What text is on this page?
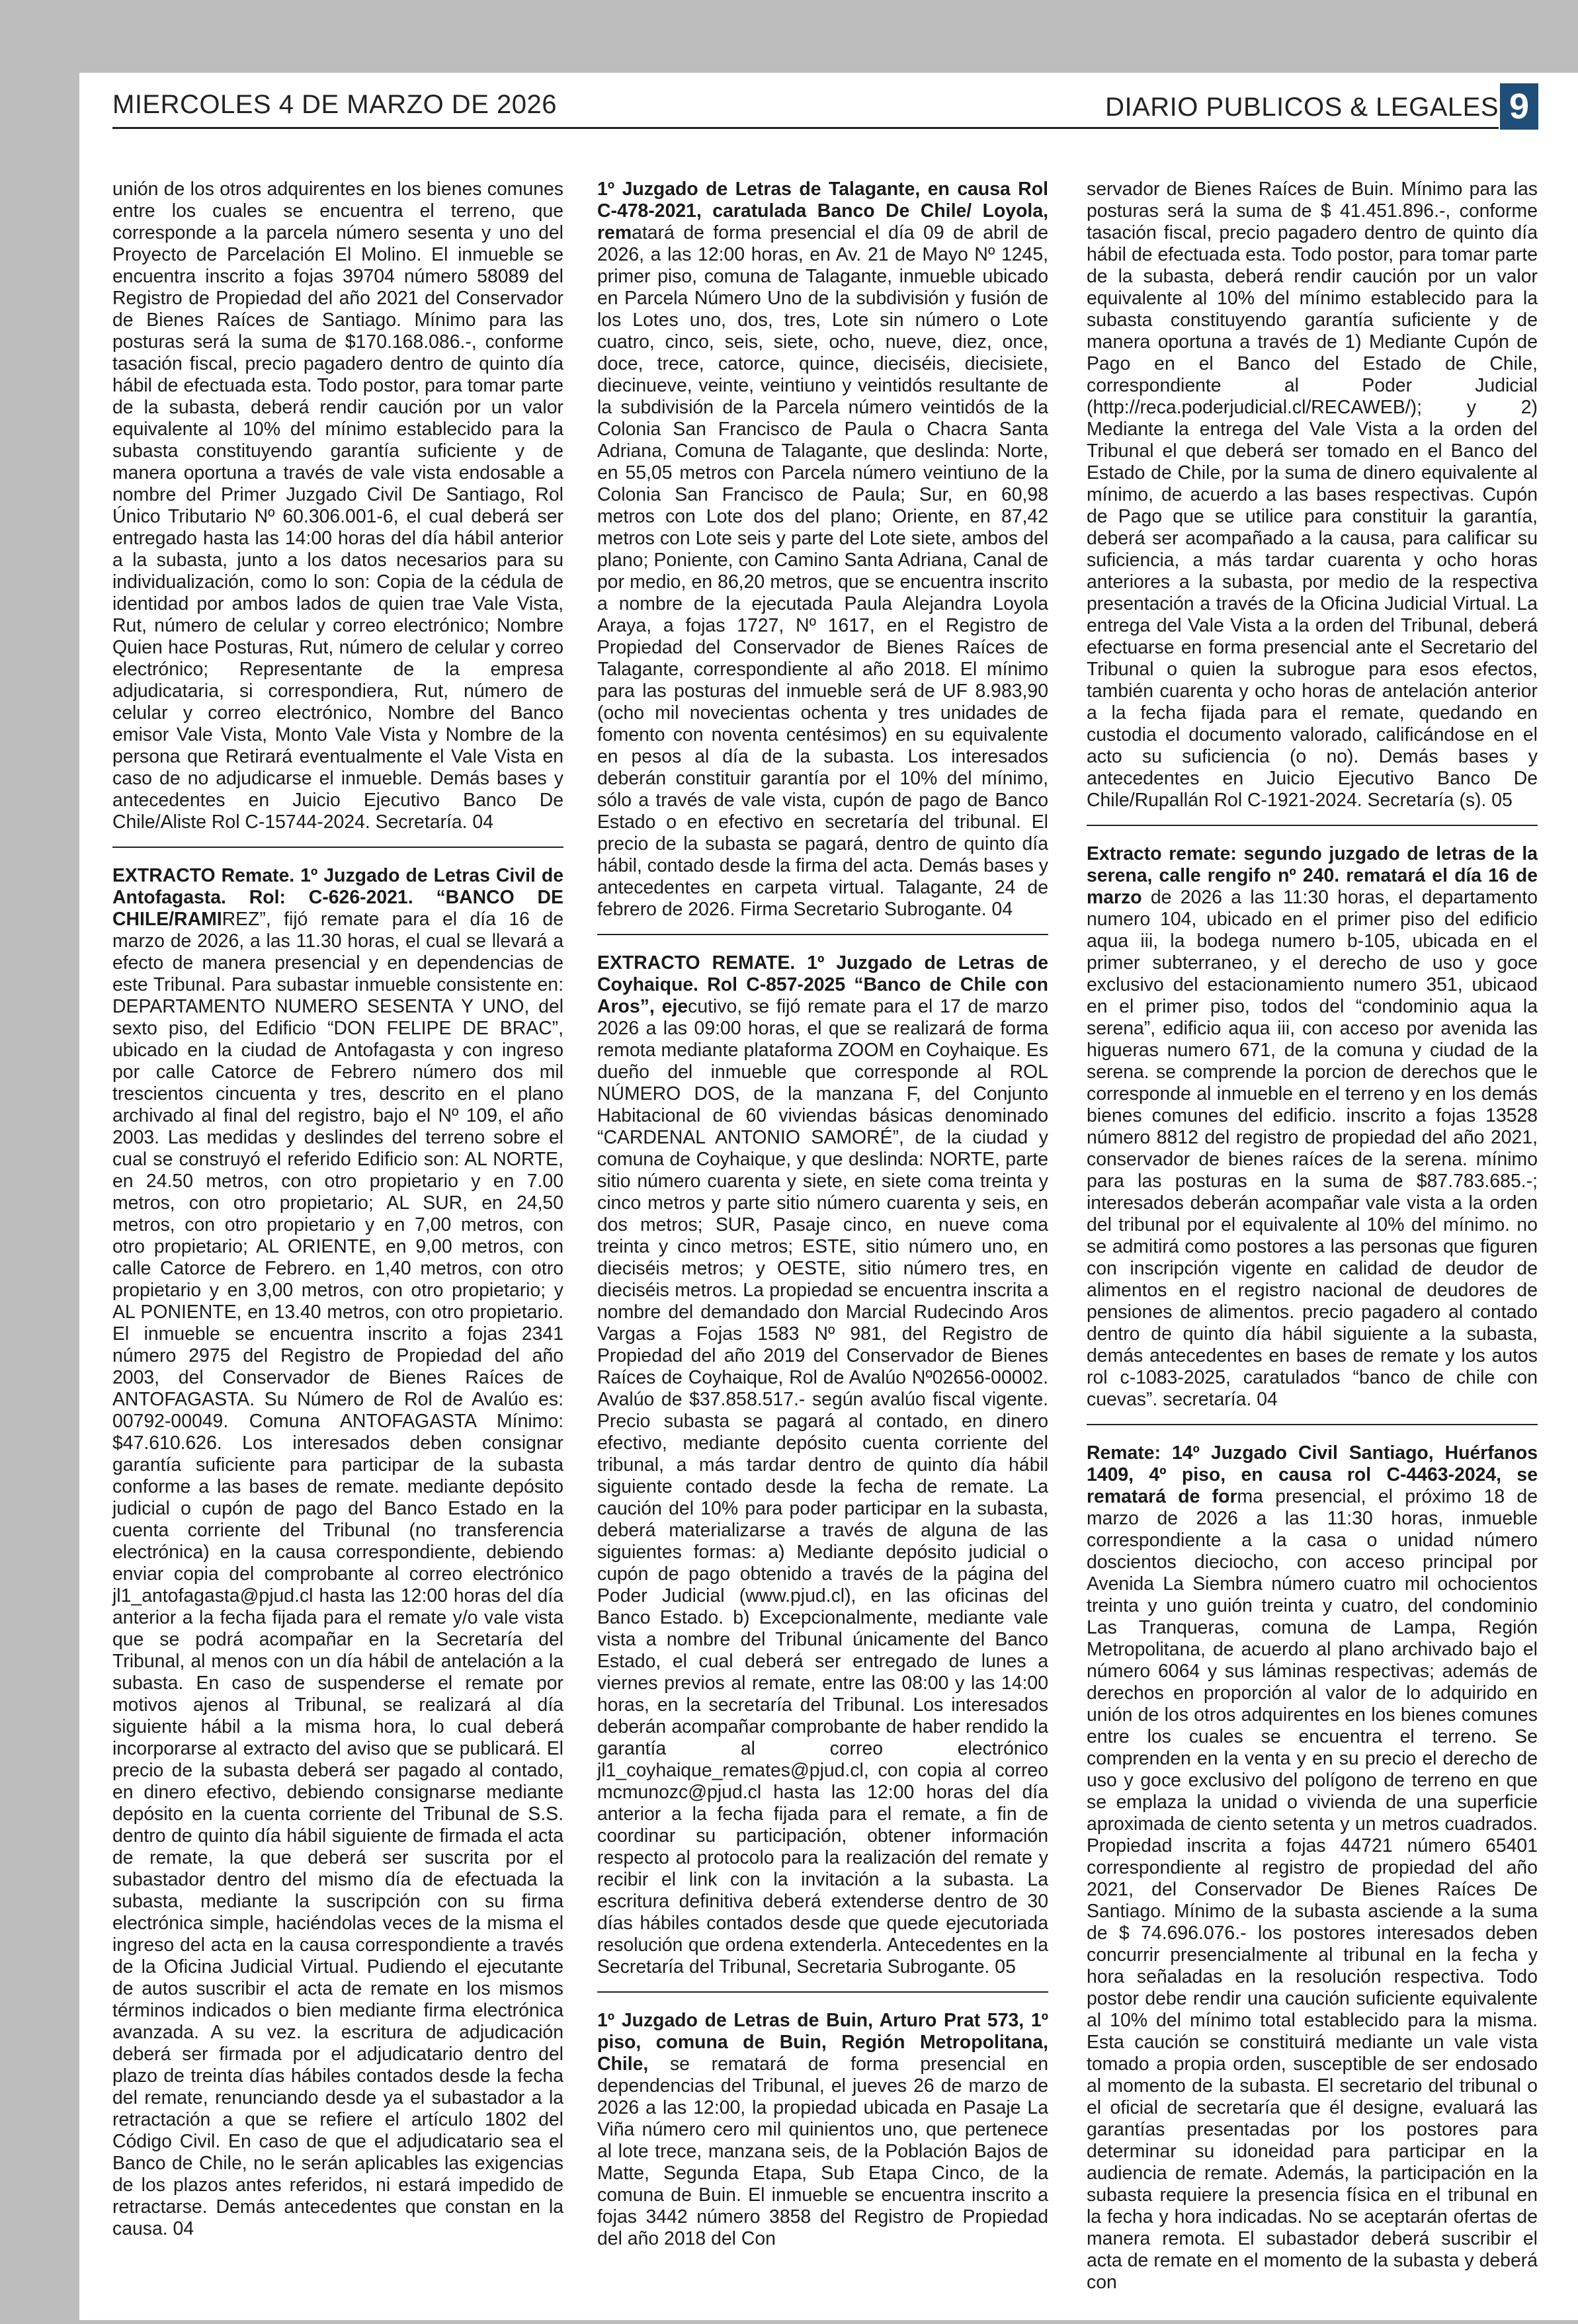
MIERCOLES 4 DE MARZO DE 2026	DIARIO PUBLICOS & LEGALES 9

unión de los otros adquirentes en los bienes comunes entre los cuales se encuentra el terreno, que corresponde a la parcela número sesenta y uno del Proyecto de Parcelación El Molino. El inmueble se encuentra inscrito a fojas 39704 número 58089 del Registro de Propiedad del año 2021 del Conservador de Bienes Raíces de Santiago. Mínimo para las posturas será la suma de $170.168.086.-, conforme tasación fiscal, precio pagadero dentro de quinto día hábil de efectuada esta. Todo postor, para tomar parte de la subasta, deberá rendir caución por un valor equivalente al 10% del mínimo establecido para la subasta constituyendo garantía suficiente y de manera oportuna a través de vale vista endosable a nombre del Primer Juzgado Civil De Santiago, Rol Único Tributario Nº 60.306.001-6, el cual deberá ser entregado hasta las 14:00 horas del día hábil anterior a la subasta, junto a los datos necesarios para su individualización, como lo son: Copia de la cédula de identidad por ambos lados de quien trae Vale Vista, Rut, número de celular y correo electrónico; Nombre Quien hace Posturas, Rut, número de celular y correo electrónico; Representante de la empresa adjudicataria, si correspondiera, Rut, número de celular y correo electrónico, Nombre del Banco emisor Vale Vista, Monto Vale Vista y Nombre de la persona que Retirará eventualmente el Vale Vista en caso de no adjudicarse el inmueble. Demás bases y antecedentes en Juicio Ejecutivo Banco De Chile/Aliste Rol C-15744-2024. Secretaría. 04

EXTRACTO Remate. 1º Juzgado de Letras Civil de Antofagasta. Rol: C-626-2021. “BANCO DE CHILE/RAMIREZ”, fijó remate para el día 16 de marzo de 2026, a las 11.30 horas, el cual se llevará a efecto de manera presencial y en dependencias de este Tribunal. Para subastar inmueble consistente en: DEPARTAMENTO NUMERO SESENTA Y UNO, del sexto piso, del Edificio “DON FELIPE DE BRAC”, ubicado en la ciudad de Antofagasta y con ingreso por calle Catorce de Febrero número dos mil trescientos cincuenta y tres, descrito en el plano archivado al final del registro, bajo el Nº 109, el año 2003. Las medidas y deslindes del terreno sobre el cual se construyó el referido Edificio son: AL NORTE, en 24.50 metros, con otro propietario y en 7.00 metros, con otro propietario; AL SUR, en 24,50 metros, con otro propietario y en 7,00 metros, con otro propietario; AL ORIENTE, en 9,00 metros, con calle Catorce de Febrero. en 1,40 metros, con otro propietario y en 3,00 metros, con otro propietario; y AL PONIENTE, en 13.40 metros, con otro propietario. El inmueble se encuentra inscrito a fojas 2341 número 2975 del Registro de Propiedad del año 2003, del Conservador de Bienes Raíces de ANTOFAGASTA. Su Número de Rol de Avalúo es: 00792-00049. Comuna ANTOFAGASTA Mínimo: $47.610.626. Los interesados deben consignar garantía suficiente para participar de la subasta conforme a las bases de remate. mediante depósito judicial o cupón de pago del Banco Estado en la cuenta corriente del Tribunal (no transferencia electrónica) en la causa correspondiente, debiendo enviar copia del comprobante al correo electrónico jl1_antofagasta@pjud.cl hasta las 12:00 horas del día anterior a la fecha fijada para el remate y/o vale vista que se podrá acompañar en la Secretaría del Tribunal, al menos con un día hábil de antelación a la subasta. En caso de suspenderse el remate por motivos ajenos al Tribunal, se realizará al día siguiente hábil a la misma hora, lo cual deberá incorporarse al extracto del aviso que se publicará. El precio de la subasta deberá ser pagado al contado, en dinero efectivo, debiendo consignarse mediante depósito en la cuenta corriente del Tribunal de S.S. dentro de quinto día hábil siguiente de firmada el acta de remate, la que deberá ser suscrita por el subastador dentro del mismo día de efectuada la subasta, mediante la suscripción con su firma electrónica simple, haciéndolas veces de la misma el ingreso del acta en la causa correspondiente a través de la Oficina Judicial Virtual. Pudiendo el ejecutante de autos suscribir el acta de remate en los mismos términos indicados o bien mediante firma electrónica avanzada. A su vez. la escritura de adjudicación deberá ser firmada por el adjudicatario dentro del plazo de treinta días hábiles contados desde la fecha del remate, renunciando desde ya el subastador a la retractación a que se refiere el artículo 1802 del Código Civil. En caso de que el adjudicatario sea el Banco de Chile, no le serán aplicables las exigencias de los plazos antes referidos, ni estará impedido de retractarse. Demás antecedentes que constan en la causa. 04

1º Juzgado de Letras de Talagante, en causa Rol C-478-2021, caratulada Banco De Chile/ Loyola, rematará de forma presencial el día 09 de abril de 2026, a las 12:00 horas, en Av. 21 de Mayo Nº 1245, primer piso, comuna de Talagante, inmueble ubicado en Parcela Número Uno de la subdivisión y fusión de los Lotes uno, dos, tres, Lote sin número o Lote cuatro, cinco, seis, siete, ocho, nueve, diez, once, doce, trece, catorce, quince, dieciséis, diecisiete, diecinueve, veinte, veintiuno y veintidós resultante de la subdivisión de la Parcela número veintidós de la Colonia San Francisco de Paula o Chacra Santa Adriana, Comuna de Talagante, que deslinda: Norte, en 55,05 metros con Parcela número veintiuno de la Colonia San Francisco de Paula; Sur, en 60,98 metros con Lote dos del plano; Oriente, en 87,42 metros con Lote seis y parte del Lote siete, ambos del plano; Poniente, con Camino Santa Adriana, Canal de por medio, en 86,20 metros, que se encuentra inscrito a nombre de la ejecutada Paula Alejandra Loyola Araya, a fojas 1727, Nº 1617, en el Registro de Propiedad del Conservador de Bienes Raíces de Talagante, correspondiente al año 2018. El mínimo para las posturas del inmueble será de UF 8.983,90 (ocho mil novecientas ochenta y tres unidades de fomento con noventa centésimos) en su equivalente en pesos al día de la subasta. Los interesados deberán constituir garantía por el 10% del mínimo, sólo a través de vale vista, cupón de pago de Banco Estado o en efectivo en secretaría del tribunal. El precio de la subasta se pagará, dentro de quinto día hábil, contado desde la firma del acta. Demás bases y antecedentes en carpeta virtual. Talagante, 24 de febrero de 2026. Firma Secretario Subrogante. 04

EXTRACTO REMATE. 1º Juzgado de Letras de Coyhaique. Rol C-857-2025 “Banco de Chile con Aros”, ejecutivo, se fijó remate para el 17 de marzo 2026 a las 09:00 horas, el que se realizará de forma remota mediante plataforma ZOOM en Coyhaique. Es dueño del inmueble que corresponde al ROL NÚMERO DOS, de la manzana F, del Conjunto Habitacional de 60 viviendas básicas denominado “CARDENAL ANTONIO SAMORÉ”, de la ciudad y comuna de Coyhaique, y que deslinda: NORTE, parte sitio número cuarenta y siete, en siete coma treinta y cinco metros y parte sitio número cuarenta y seis, en dos metros; SUR, Pasaje cinco, en nueve coma treinta y cinco metros; ESTE, sitio número uno, en dieciséis metros; y OESTE, sitio número tres, en dieciséis metros. La propiedad se encuentra inscrita a nombre del demandado don Marcial Rudecindo Aros Vargas a Fojas 1583 Nº 981, del Registro de Propiedad del año 2019 del Conservador de Bienes Raíces de Coyhaique, Rol de Avalúo Nº02656-00002. Avalúo de $37.858.517.- según avalúo fiscal vigente. Precio subasta se pagará al contado, en dinero efectivo, mediante depósito cuenta corriente del tribunal, a más tardar dentro de quinto día hábil siguiente contado desde la fecha de remate. La caución del 10% para poder participar en la subasta, deberá materializarse a través de alguna de las siguientes formas: a) Mediante depósito judicial o cupón de pago obtenido a través de la página del Poder Judicial (www.pjud.cl), en las oficinas del Banco Estado. b) Excepcionalmente, mediante vale vista a nombre del Tribunal únicamente del Banco Estado, el cual deberá ser entregado de lunes a viernes previos al remate, entre las 08:00 y las 14:00 horas, en la secretaría del Tribunal. Los interesados deberán acompañar comprobante de haber rendido la garantía al correo electrónico jl1_coyhaique_remates@pjud.cl, con copia al correo mcmunozc@pjud.cl hasta las 12:00 horas del día anterior a la fecha fijada para el remate, a fin de coordinar su participación, obtener información respecto al protocolo para la realización del remate y recibir el link con la invitación a la subasta. La escritura definitiva deberá extenderse dentro de 30 días hábiles contados desde que quede ejecutoriada resolución que ordena extenderla. Antecedentes en la Secretaría del Tribunal, Secretaria Subrogante. 05

1º Juzgado de Letras de Buin, Arturo Prat 573, 1º piso, comuna de Buin, Región Metropolitana, Chile, se rematará de forma presencial en dependencias del Tribunal, el jueves 26 de marzo de 2026 a las 12:00, la propiedad ubicada en Pasaje La Viña número cero mil quinientos uno, que pertenece al lote trece, manzana seis, de la Población Bajos de Matte, Segunda Etapa, Sub Etapa Cinco, de la comuna de Buin. El inmueble se encuentra inscrito a fojas 3442 número 3858 del Registro de Propiedad del año 2018 del Con

servador de Bienes Raíces de Buin. Mínimo para las posturas será la suma de $ 41.451.896.-, conforme tasación fiscal, precio pagadero dentro de quinto día hábil de efectuada esta. Todo postor, para tomar parte de la subasta, deberá rendir caución por un valor equivalente al 10% del mínimo establecido para la subasta constituyendo garantía suficiente y de manera oportuna a través de 1) Mediante Cupón de Pago en el Banco del Estado de Chile, correspondiente al Poder Judicial (http://reca.poderjudicial.cl/RECAWEB/); y 2) Mediante la entrega del Vale Vista a la orden del Tribunal el que deberá ser tomado en el Banco del Estado de Chile, por la suma de dinero equivalente al mínimo, de acuerdo a las bases respectivas. Cupón de Pago que se utilice para constituir la garantía, deberá ser acompañado a la causa, para calificar su suficiencia, a más tardar cuarenta y ocho horas anteriores a la subasta, por medio de la respectiva presentación a través de la Oficina Judicial Virtual. La entrega del Vale Vista a la orden del Tribunal, deberá efectuarse en forma presencial ante el Secretario del Tribunal o quien la subrogue para esos efectos, también cuarenta y ocho horas de antelación anterior a la fecha fijada para el remate, quedando en custodia el documento valorado, calificándose en el acto su suficiencia (o no). Demás bases y antecedentes en Juicio Ejecutivo Banco De Chile/Rupallán Rol C-1921-2024. Secretaría (s). 05

Extracto remate: segundo juzgado de letras de la serena, calle rengifo nº 240. rematará el día 16 de marzo de 2026 a las 11:30 horas, el departamento numero 104, ubicado en el primer piso del edificio aqua iii, la bodega numero b-105, ubicada en el primer subterraneo, y el derecho de uso y goce exclusivo del estacionamiento numero 351, ubicaod en el primer piso, todos del “condominio aqua la serena”, edificio aqua iii, con acceso por avenida las higueras numero 671, de la comuna y ciudad de la serena. se comprende la porcion de derechos que le corresponde al inmueble en el terreno y en los demás bienes comunes del edificio. inscrito a fojas 13528 número 8812 del registro de propiedad del año 2021, conservador de bienes raíces de la serena. mínimo para las posturas en la suma de $87.783.685.-; interesados deberán acompañar vale vista a la orden del tribunal por el equivalente al 10% del mínimo. no se admitirá como postores a las personas que figuren con inscripción vigente en calidad de deudor de alimentos en el registro nacional de deudores de pensiones de alimentos. precio pagadero al contado dentro de quinto día hábil siguiente a la subasta, demás antecedentes en bases de remate y los autos rol c-1083-2025, caratulados “banco de chile con cuevas”. secretaría. 04

Remate: 14º Juzgado Civil Santiago, Huérfanos 1409, 4º piso, en causa rol C-4463-2024, se rematará de forma presencial, el próximo 18 de marzo de 2026 a las 11:30 horas, inmueble correspondiente a la casa o unidad número doscientos dieciocho, con acceso principal por Avenida La Siembra número cuatro mil ochocientos treinta y uno guión treinta y cuatro, del condominio Las Tranqueras, comuna de Lampa, Región Metropolitana, de acuerdo al plano archivado bajo el número 6064 y sus láminas respectivas; además de derechos en proporción al valor de lo adquirido en unión de los otros adquirentes en los bienes comunes entre los cuales se encuentra el terreno. Se comprenden en la venta y en su precio el derecho de uso y goce exclusivo del polígono de terreno en que se emplaza la unidad o vivienda de una superficie aproximada de ciento setenta y un metros cuadrados. Propiedad inscrita a fojas 44721 número 65401 correspondiente al registro de propiedad del año 2021, del Conservador De Bienes Raíces De Santiago. Mínimo de la subasta asciende a la suma de $ 74.696.076.- los postores interesados deben concurrir presencialmente al tribunal en la fecha y hora señaladas en la resolución respectiva. Todo postor debe rendir una caución suficiente equivalente al 10% del mínimo total establecido para la misma. Esta caución se constituirá mediante un vale vista tomado a propia orden, susceptible de ser endosado al momento de la subasta. El secretario del tribunal o el oficial de secretaría que él designe, evaluará las garantías presentadas por los postores para determinar su idoneidad para participar en la audiencia de remate. Además, la participación en la subasta requiere la presencia física en el tribunal en la fecha y hora indicadas. No se aceptarán ofertas de manera remota. El subastador deberá suscribir el acta de remate en el momento de la subasta y deberá con
